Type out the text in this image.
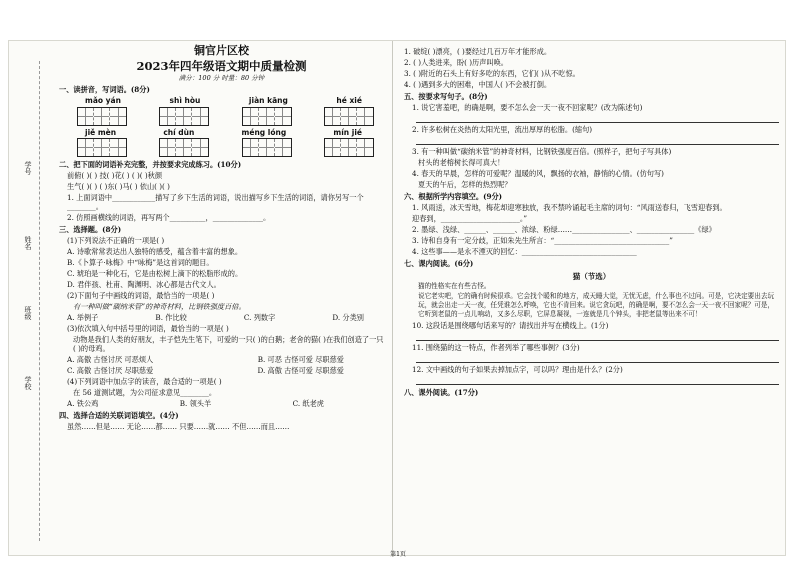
学号
姓名
班级
学校
铜官片区校
2023年四年级语文期中质量检测
满分：100 分 时量：80 分钟
一、读拼音，写词语。(8分)
mǎo yán	shì hòu	jiàn kāng	hé xié
jiě mèn	chí dùn	méng lóng	mín jié
二、把下面的词语补充完整，并按要求完成练习。(10分)
前俯( )( ) 技( )花( ) ( )( )秋颜
生气( )( ) ( )东( )马( ) 依山( )( )
1. 上面词语中____________描写了乡下生活的词语，说出描写乡下生活的词语，请你另写一个________。
2. 仿照画横线的词语，再写两个__________，______________。
三、选择题。(8分)
(1)下列说法不正确的一项是( )
A. 诗歌常常表达出人独特的感受，蕴含着丰富的想象。
B.《卜算子·咏梅》中“咏梅”是这首词的题目。
C. 琥珀是一种化石，它是由松树上滴下的松脂形成的。
D. 君伴孩、杜甫、陶渊明、冰心都是古代文人。
(2)下面句子中画线的词语，最恰当的一项是( )
有一种叫做“碳纳米管”的神奇材料，比钢铁强度百倍。
A. 举例子	B. 作比较	C. 列数字	D. 分类别
(3)依次填入句中括号里的词语，最恰当的一项是( )
动物是我们人类的好朋友，丰子恺先生笔下，可爱的一只( )的白鹅；老舍的猫( )在我们创造了一只( )的母鸡。
A. 高傲 古怪讨厌 可恶烦人	B. 可恶 古怪可爱 尽职慈爱
C. 高傲 古怪讨厌 尽职慈爱	D. 高傲 古怪可爱 尽职慈爱
(4)下列词语中加点字的读音，最合适的一项是( )
在 56 道测试题，为公司征求意见________。
A. 铁公鸡	B. 领头羊	C. 纸老虎
四、选择合适的关联词语填空。(4分)
虽然……但是…… 无论……都…… 只要……就…… 不但……而且……
1. 破绽( )漂亮，( )要经过几百万年才能形成。
2. ( )人类进来，盼( )历声叫唤。
3. ( )附近的石头上有好多吃的东西，它们( )从不吃惊。
4. ( )遇到多大的困难，中国人( )不会被打倒。
五、按要求写句子。(8分)
1. 说它害羞吧，的确是啊，要不怎么会一天一夜不回家呢？(改为陈述句)
2. 许多松树在炎热的太阳光里，流出厚厚的松脂。(缩句)
3. 有一种叫做“碳纳米管”的神奇材料，比钢铁强度百倍。(照样子，把句子写具体)
村头的老榕树长得可真大！
4. 春天的早晨，怎样的可爱呢？温暖的风，飘扬的衣袖，静悄的心情。(仿句写)
夏天的午后，怎样的热烈呢？
六、根据所学内容填空。(9分)
1. 风雨送，冰天雪地，梅花却迎寒独放，我不禁吟诵起毛主席的词句：“风雨送春归，飞雪迎春到。
迎春到，______________________。”
2. 墨绿、浅绿、______、______、浓绿、粉绿……________________、________________《绿》
3. 诗和自身有一定分歧，正如朱先生所言：“________________________________”
4. 这些事——是永不湮灭的回忆：________________________________
七、课内阅读。(6分)
猫（节选）
猫的性格实在有些古怪。
说它老实吧，它的确有时候很乖。它会找个暖和的地方，成天睡大觉，无忧无虑，什么事也不过问。可是，它决定要出去玩玩，就会出走一天一夜，任凭谁怎么呼唤，它也不肯回来。说它贪玩吧，的确是啊，要不怎么会一天一夜不回家呢？可是，它听到老鼠的一点儿响动，又多么尽职，它屏息凝视，一连就是几个钟头，非把老鼠等出来不可！
10. 这段话是围绕哪句话来写的？请找出并写在横线上。(1分)
11. 围绕猫的这一特点，作者列举了哪些事例？(3分)
12. 文中画线的句子如果去掉加点字，可以吗？理由是什么？(2分)
八、课外阅读。(17分)
第1页
